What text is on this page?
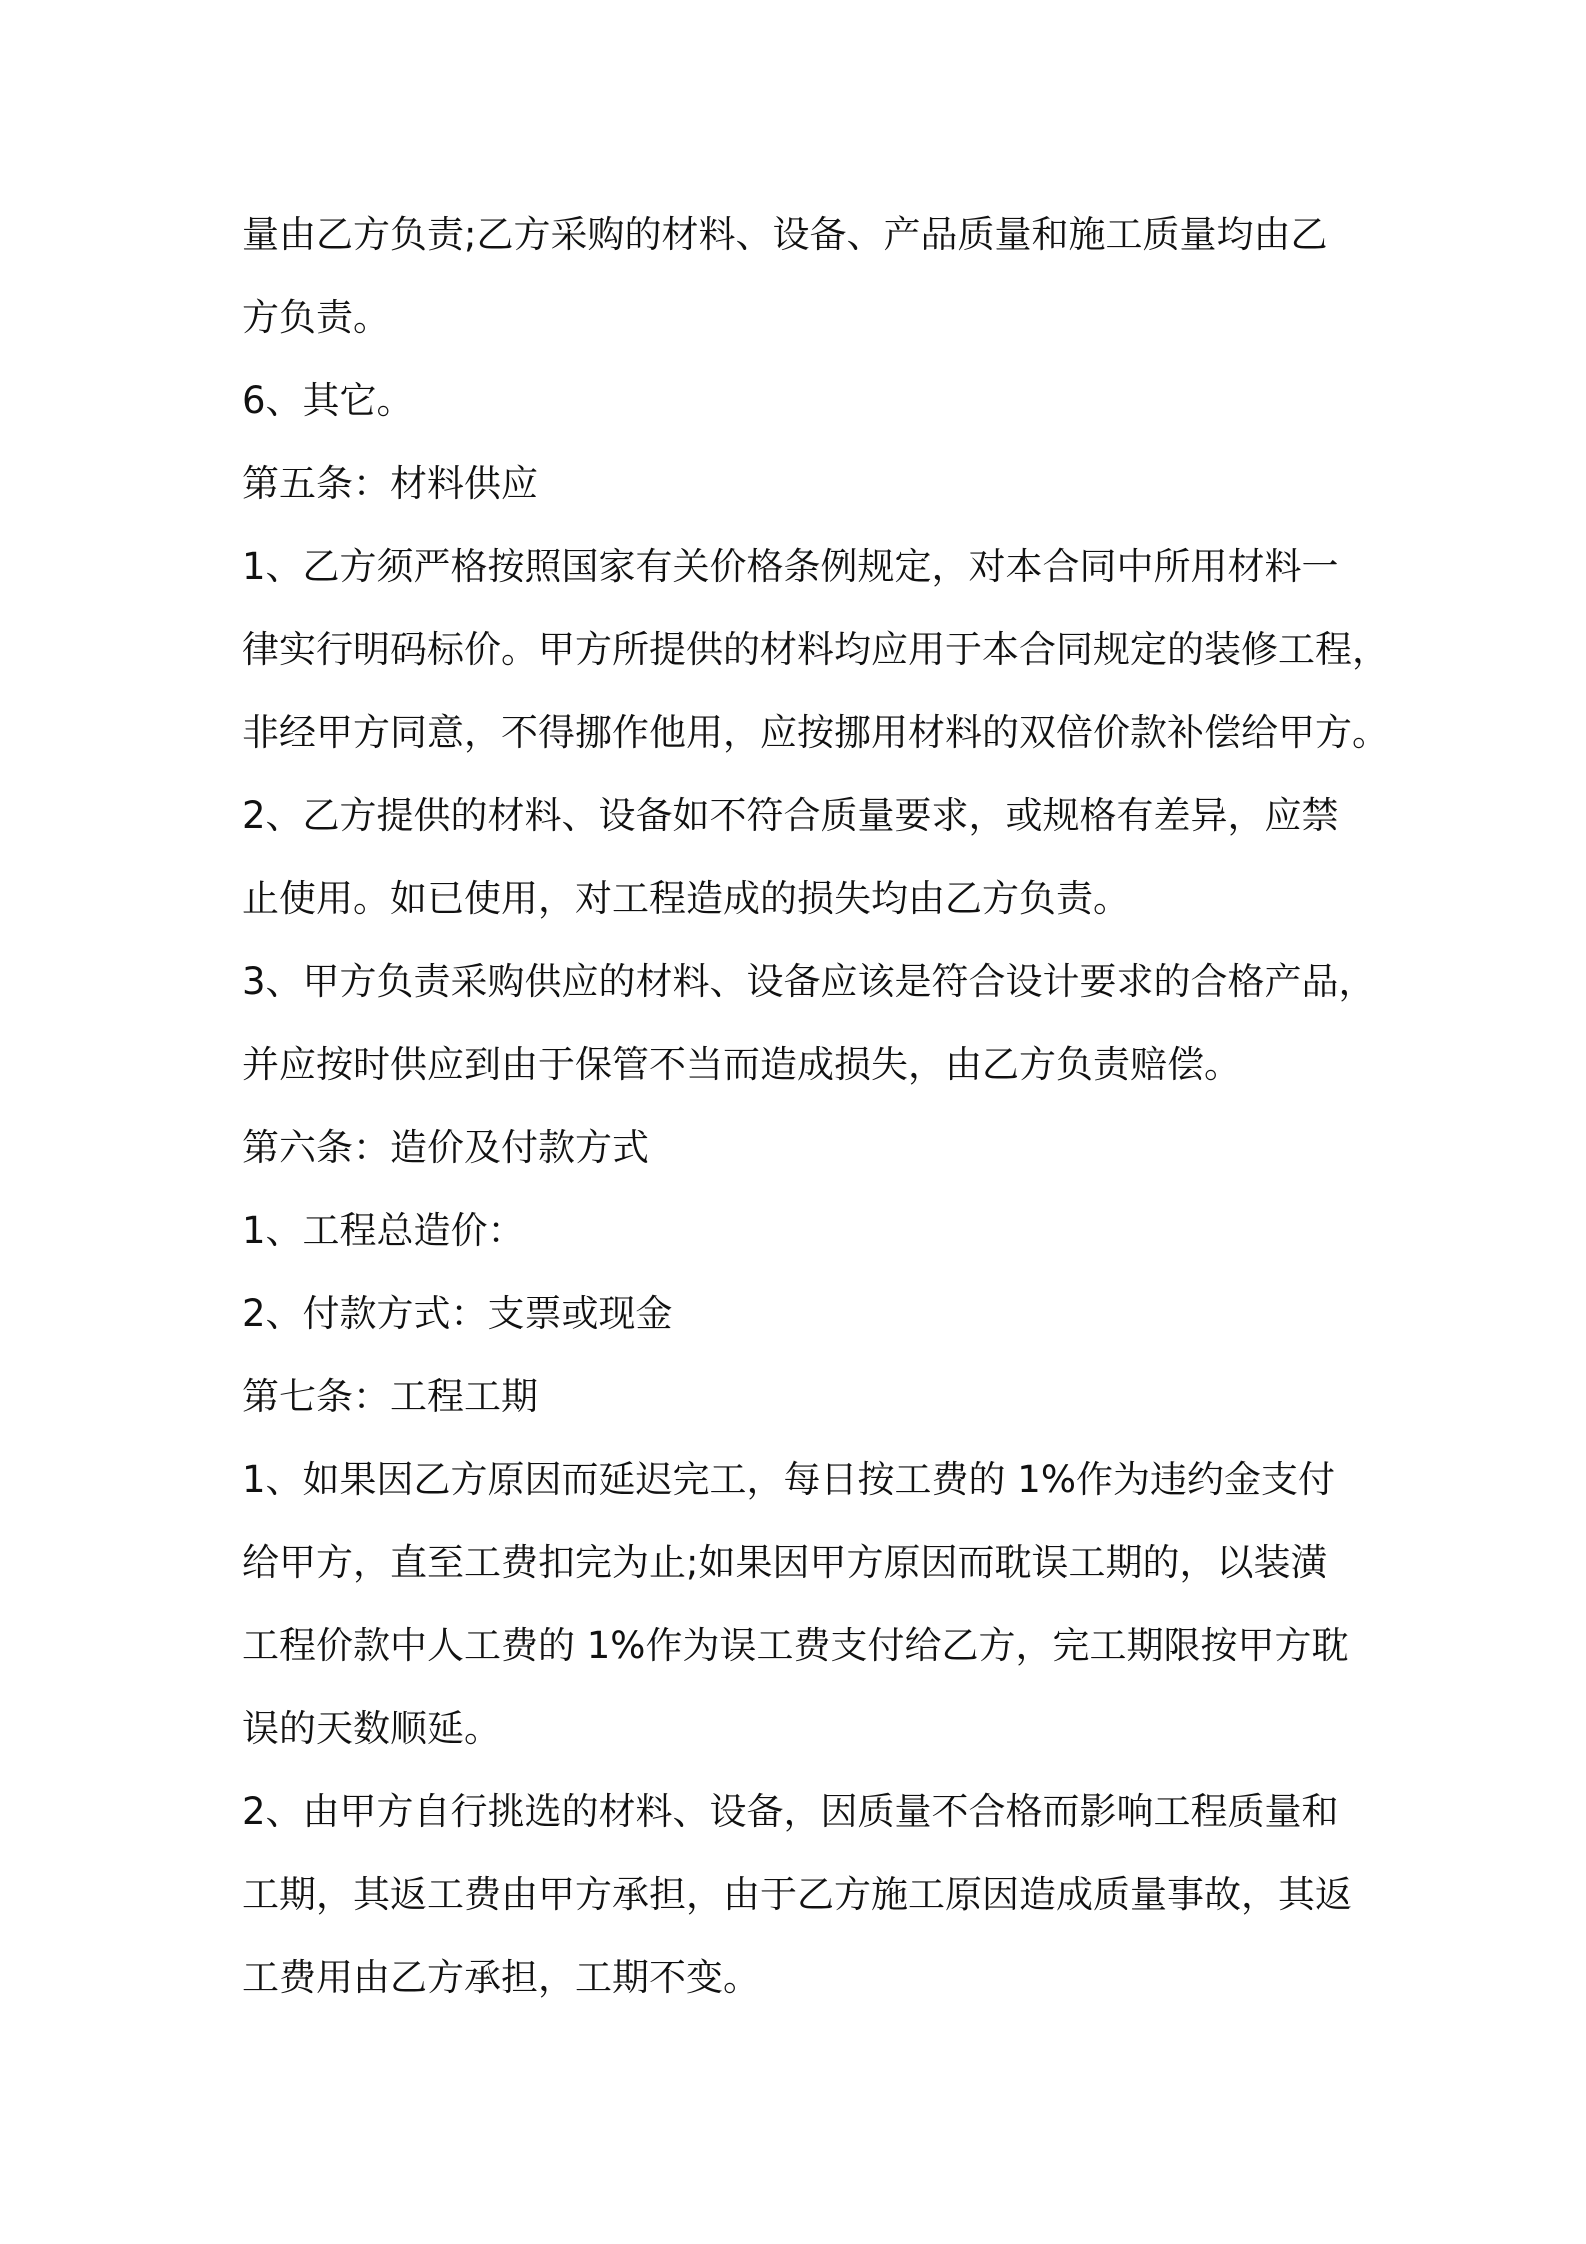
量由乙方负责;乙方采购的材料、设备、产品质量和施工质量均由乙
方负责。
6、其它。
第五条：材料供应
1、乙方须严格按照国家有关价格条例规定，对本合同中所用材料一
律实行明码标价。甲方所提供的材料均应用于本合同规定的装修工程，
非经甲方同意，不得挪作他用，应按挪用材料的双倍价款补偿给甲方。
2、乙方提供的材料、设备如不符合质量要求，或规格有差异，应禁
止使用。如已使用，对工程造成的损失均由乙方负责。
3、甲方负责采购供应的材料、设备应该是符合设计要求的合格产品，
并应按时供应到由于保管不当而造成损失，由乙方负责赔偿。
第六条：造价及付款方式
1、工程总造价：
2、付款方式：支票或现金
第七条：工程工期
1、如果因乙方原因而延迟完工，每日按工费的 1%作为违约金支付
给甲方，直至工费扣完为止;如果因甲方原因而耽误工期的，以装潢
工程价款中人工费的 1%作为误工费支付给乙方，完工期限按甲方耽
误的天数顺延。
2、由甲方自行挑选的材料、设备，因质量不合格而影响工程质量和
工期，其返工费由甲方承担，由于乙方施工原因造成质量事故，其返
工费用由乙方承担，工期不变。
